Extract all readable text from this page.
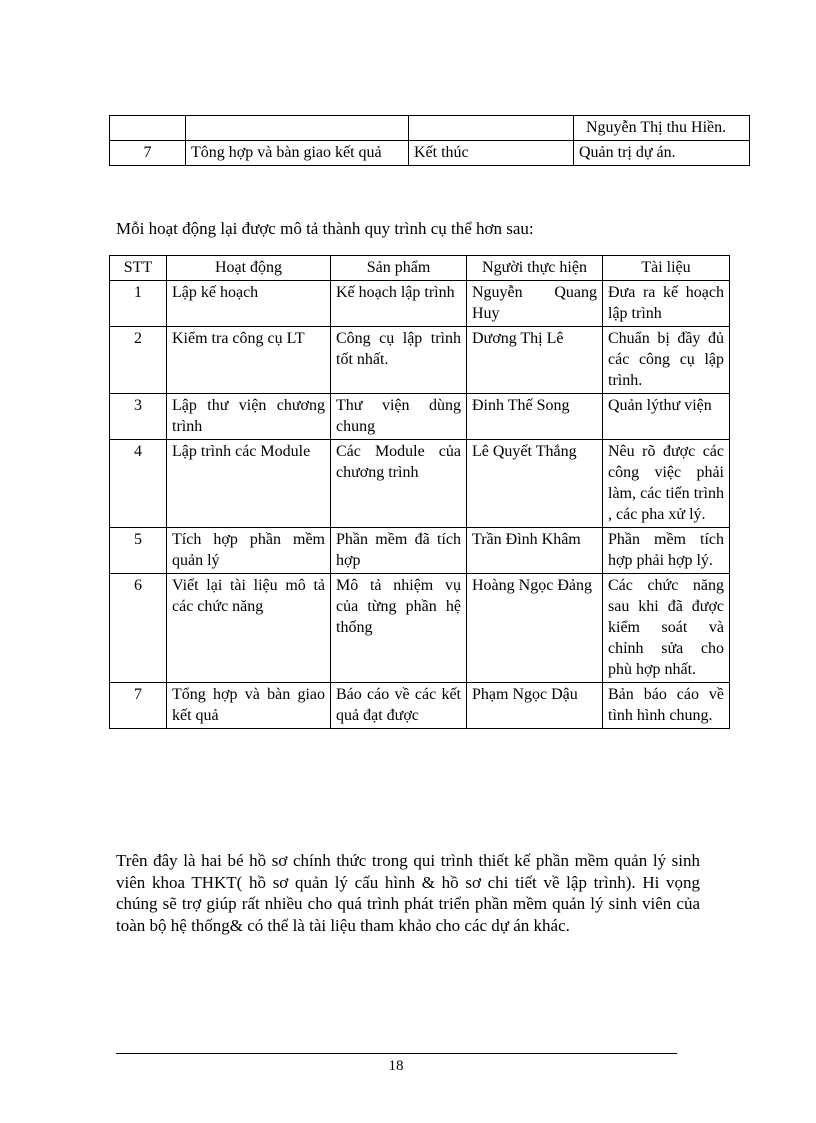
			Nguyễn Thị thu Hiền.
7	Tông hợp và bàn giao kết quả	Kết thúc	Quản trị dự án.
Mỗi hoạt động lại được mô tả thành quy trình cụ thể hơn sau:
STT	Hoạt động	Sản phẩm	Người thực hiện	Tài liệu
1	Lập kế hoạch	Kế hoạch lập trình	Nguyễn Quang Huy	Đưa ra kế hoạch lập trình
2	Kiểm tra công cụ LT	Công cụ lập trình tốt nhất.	Dương Thị Lê	Chuẩn bị đầy đủ các công cụ lập trình.
3	Lập thư viện chương trình	Thư viện dùng chung	Đinh Thế Song	Quản lýthư viện
4	Lập trình các Module	Các Module của chương trình	Lê Quyết Thắng	Nêu rõ được các công việc phải làm, các tiến trình , các pha xử lý.
5	Tích hợp phần mềm quản lý	Phần mềm đã tích hợp	Trần Đình Khâm	Phần mềm tích hợp phải hợp lý.
6	Viết lại tài liệu mô tả các chức năng	Mô tả nhiệm vụ của từng phần hệ thống	Hoàng Ngọc Đảng	Các chức năng sau khi đã được kiểm soát và chỉnh sửa cho phù hợp nhất.
7	Tổng hợp và bàn giao kết quả	Báo cáo về các kết quả đạt được	Phạm Ngọc Dậu	Bản báo cáo về tình hình chung.
Trên đây là hai bé hồ sơ chính thức trong qui trình thiết kế phần mềm quản lý sinh viên khoa THKT( hồ sơ quản lý cấu hình & hồ sơ chi tiết về lập trình). Hi vọng chúng sẽ trợ giúp rất nhiều cho quá trình phát triển phần mềm quản lý sinh viên của toàn bộ hệ thống& có thể là tài liệu tham khảo cho các dự án khác.
18
